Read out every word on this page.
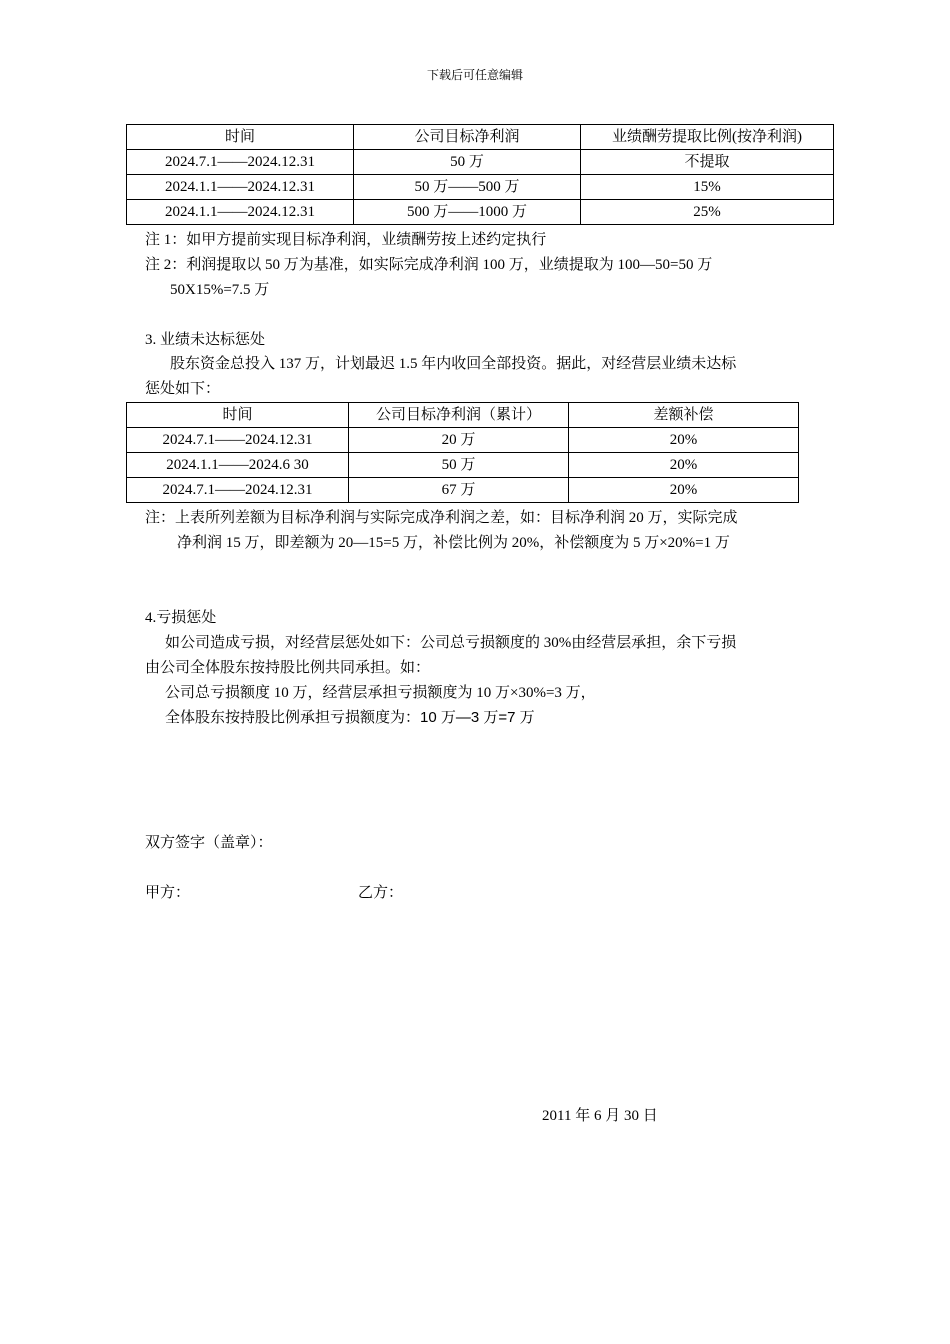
下载后可任意编辑
时间	公司目标净利润	业绩酬劳提取比例(按净利润)
2024.7.1——2024.12.31	50 万	不提取
2024.1.1——2024.12.31	50 万——500 万	15%
2024.1.1——2024.12.31	500 万——1000 万	25%
注 1：如甲方提前实现目标净利润，业绩酬劳按上述约定执行
注 2：利润提取以 50 万为基准，如实际完成净利润 100 万，业绩提取为 100—50=50 万
50X15%=7.5 万
3. 业绩未达标惩处
股东资金总投入 137 万，计划最迟 1.5 年内收回全部投资。据此，对经营层业绩未达标
惩处如下：
时间	公司目标净利润（累计）	差额补偿
2024.7.1——2024.12.31	20 万	20%
2024.1.1——2024.6 30	50 万	20%
2024.7.1——2024.12.31	67 万	20%
注：上表所列差额为目标净利润与实际完成净利润之差，如：目标净利润 20 万，实际完成
净利润 15 万，即差额为 20—15=5 万，补偿比例为 20%，补偿额度为 5 万×20%=1 万
4.亏损惩处
如公司造成亏损，对经营层惩处如下：公司总亏损额度的 30%由经营层承担，余下亏损
由公司全体股东按持股比例共同承担。如：
公司总亏损额度 10 万，经营层承担亏损额度为 10 万×30%=3 万，
全体股东按持股比例承担亏损额度为：10 万—3 万=7 万
双方签字（盖章）：
甲方：	乙方：
2011 年 6 月 30 日
